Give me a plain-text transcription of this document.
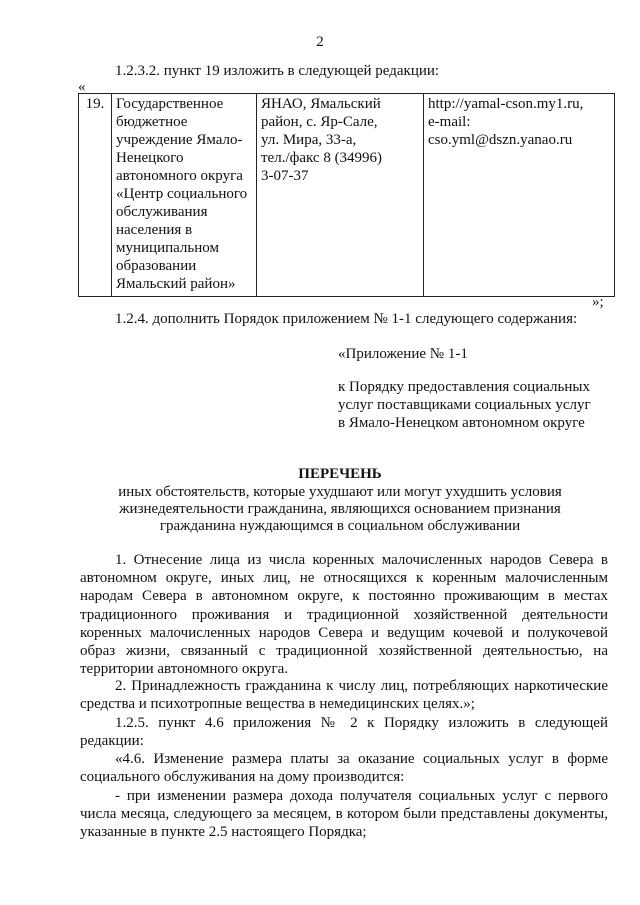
2
1.2.3.2. пункт 19 изложить в следующей редакции:
«
19.	Государственное
бюджетное
учреждение Ямало-
Ненецкого
автономного округа
«Центр социального
обслуживания
населения в
муниципальном
образовании
Ямальский район»	ЯНАО, Ямальский
район, с. Яр-Сале,
ул. Мира, 33-а,
тел./факс 8 (34996)
3-07-37	http://yamal-cson.my1.ru,
e-mail:
cso.yml@dszn.yanao.ru
»;
1.2.4. дополнить Порядок приложением № 1-1 следующего содержания:
«Приложение № 1-1
к Порядку предоставления социальных
услуг поставщиками социальных услуг
в Ямало-Ненецком автономном округе
ПЕРЕЧЕНЬ
иных обстоятельств, которые ухудшают или могут ухудшить условия
жизнедеятельности гражданина, являющихся основанием признания
гражданина нуждающимся в социальном обслуживании
1. Отнесение лица из числа коренных малочисленных народов Севера в автономном округе, иных лиц, не относящихся к коренным малочисленным народам Севера в автономном округе, к постоянно проживающим в местах традиционного проживания и традиционной хозяйственной деятельности коренных малочисленных народов Севера и ведущим кочевой и полукочевой образ жизни, связанный с традиционной хозяйственной деятельностью, на территории автономного округа.
2. Принадлежность гражданина к числу лиц, потребляющих наркотические средства и психотропные вещества в немедицинских целях.»;
1.2.5. пункт 4.6 приложения № 2 к Порядку изложить в следующей редакции:
«4.6. Изменение размера платы за оказание социальных услуг в форме социального обслуживания на дому производится:
- при изменении размера дохода получателя социальных услуг с первого числа месяца, следующего за месяцем, в котором были представлены документы, указанные в пункте 2.5 настоящего Порядка;
